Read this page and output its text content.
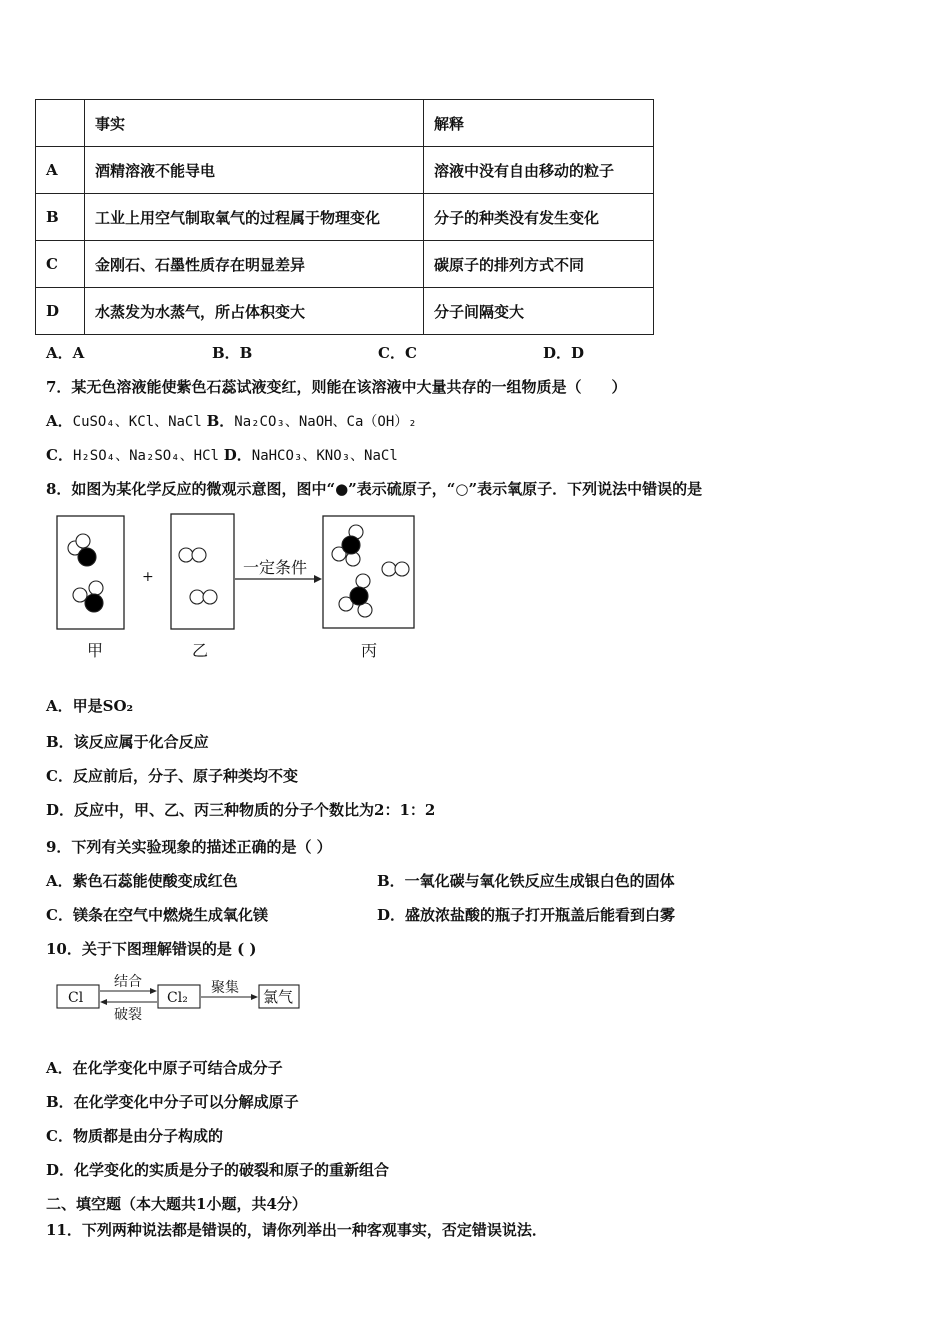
	事实	解释
A	酒精溶液不能导电	溶液中没有自由移动的粒子
B	工业上用空气制取氧气的过程属于物理变化	分子的种类没有发生变化
C	金刚石、石墨性质存在明显差异	碳原子的排列方式不同
D	水蒸发为水蒸气，所占体积变大	分子间隔变大
A．A	B．B	C．C	D．D
7．某无色溶液能使紫色石蕊试液变红，则能在该溶液中大量共存的一组物质是（　　）
A．CuSO₄、KCl、NaCl B．Na₂CO₃、NaOH、Ca（OH）₂
C．H₂SO₄、Na₂SO₄、HCl D．NaHCO₃、KNO₃、NaCl
8．如图为某化学反应的微观示意图，图中“●”表示硫原子，“○”表示氧原子．下列说法中错误的是
+	一定条件
甲	乙	丙
A．甲是SO₂
B．该反应属于化合反应
C．反应前后，分子、原子种类均不变
D．反应中，甲、乙、丙三种物质的分子个数比为2：1：2
9．下列有关实验现象的描述正确的是（ ）
A．紫色石蕊能使酸变成红色	B．一氧化碳与氧化铁反应生成银白色的固体
C．镁条在空气中燃烧生成氧化镁	D．盛放浓盐酸的瓶子打开瓶盖后能看到白雾
10．关于下图理解错误的是 ( )
Cl	Cl₂	氯气
结合
破裂
聚集
A．在化学变化中原子可结合成分子
B．在化学变化中分子可以分解成原子
C．物质都是由分子构成的
D．化学变化的实质是分子的破裂和原子的重新组合
二、填空题（本大题共1小题，共4分）
11．下列两种说法都是错误的，请你列举出一种客观事实，否定错误说法．
